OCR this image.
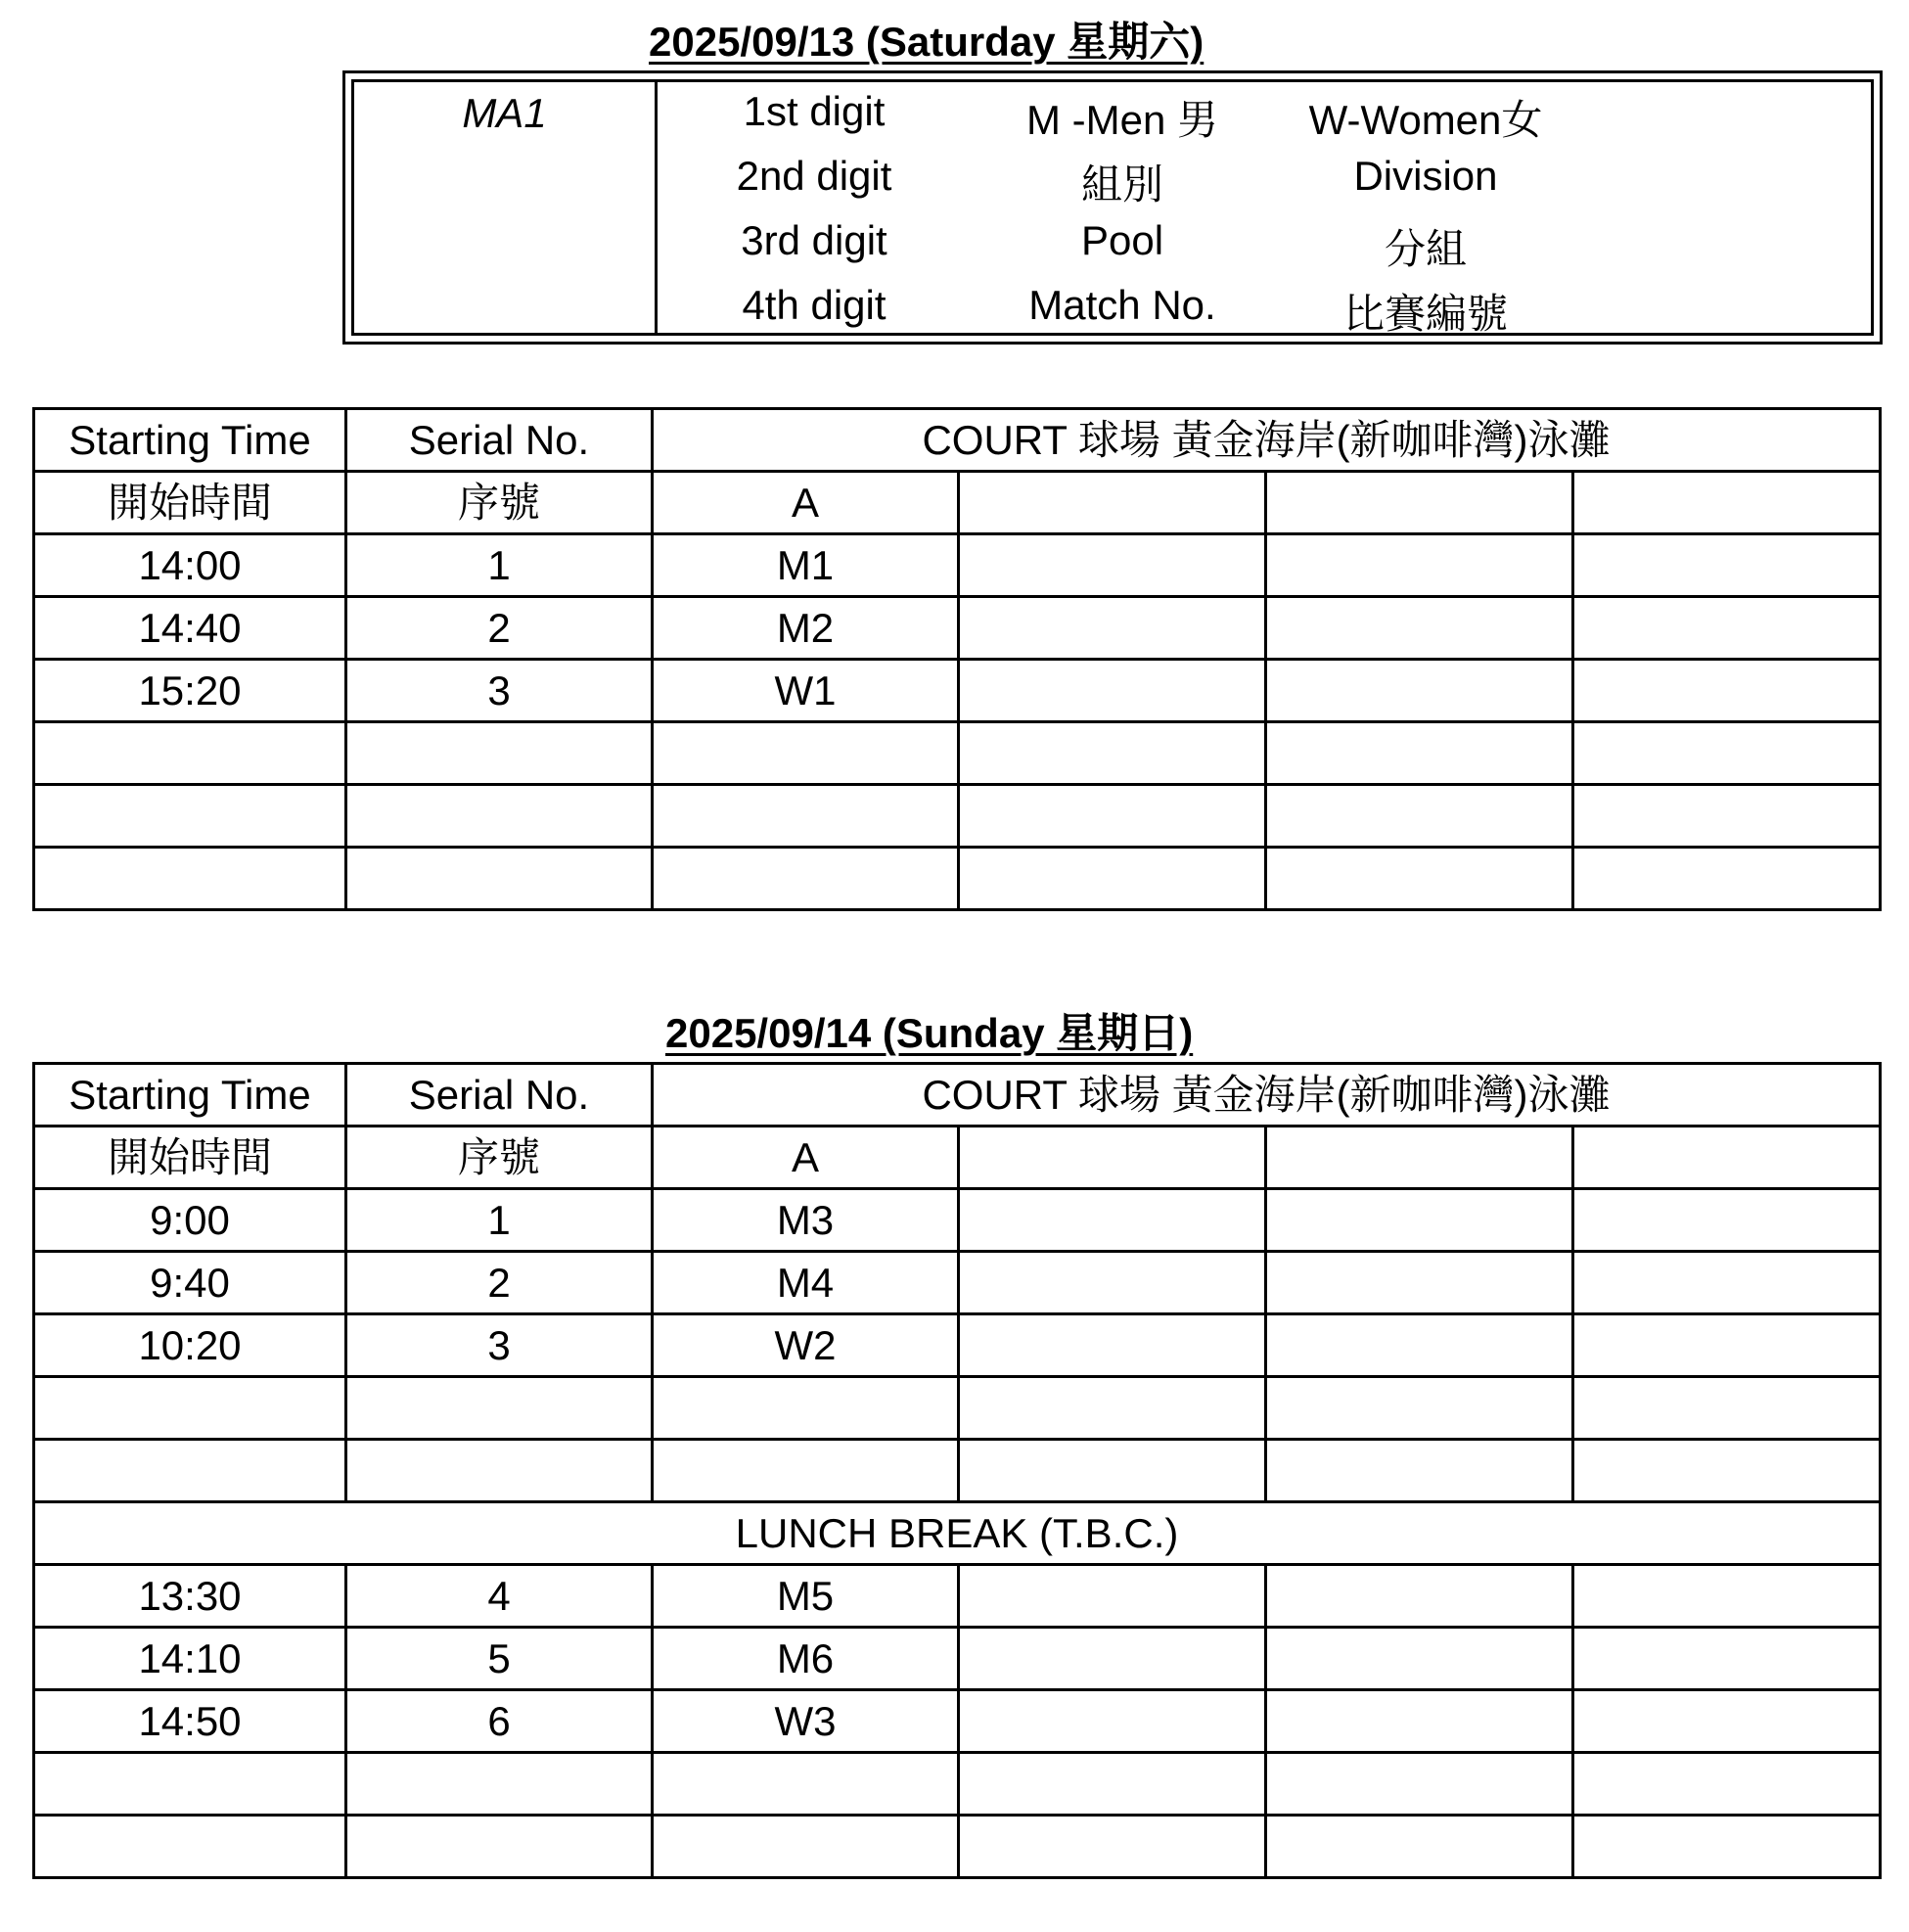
2025/09/13 (Saturday 星期六)
MA1	1st digit	M -Men 男	W-Women女
2nd digit	組別	Division
3rd digit	Pool	分組
4th digit	Match No.	比賽編號
Starting Time	Serial No.	COURT 球場 黃金海岸(新咖啡灣)泳灘			
開始時間	序號	A			
14:00	1	M1			
14:40	2	M2			
15:20	3	W1			

2025/09/14 (Sunday 星期日)
Starting Time	Serial No.	COURT 球場 黃金海岸(新咖啡灣)泳灘			
開始時間	序號	A			
9:00	1	M3			
9:40	2	M4			
10:20	3	W2			

LUNCH BREAK (T.B.C.)					
13:30	4	M5			
14:10	5	M6			
14:50	6	W3			
